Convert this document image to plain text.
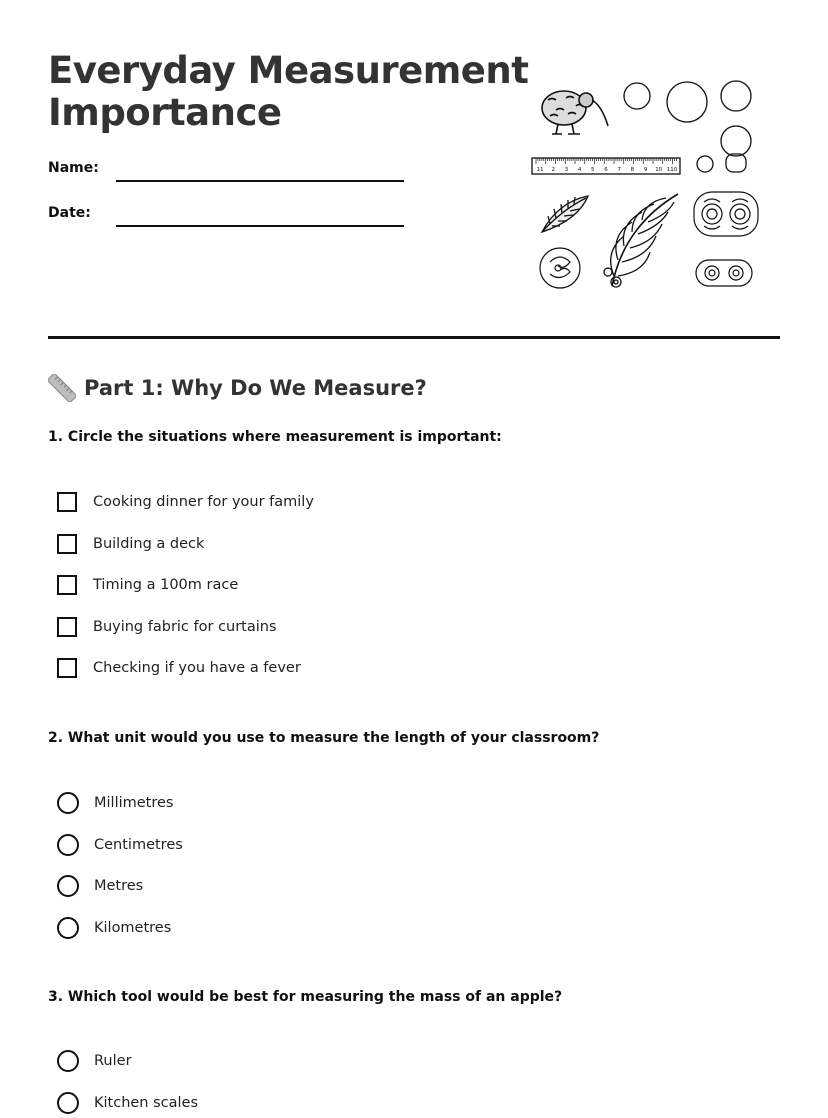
Everyday Measurement
Importance
Name:
Date:
11 2 3 4 5 6 7 8 9 10 110
Part 1: Why Do We Measure?
1. Circle the situations where measurement is important:
Cooking dinner for your family
Building a deck
Timing a 100m race
Buying fabric for curtains
Checking if you have a fever
2. What unit would you use to measure the length of your classroom?
Millimetres
Centimetres
Metres
Kilometres
3. Which tool would be best for measuring the mass of an apple?
Ruler
Kitchen scales
